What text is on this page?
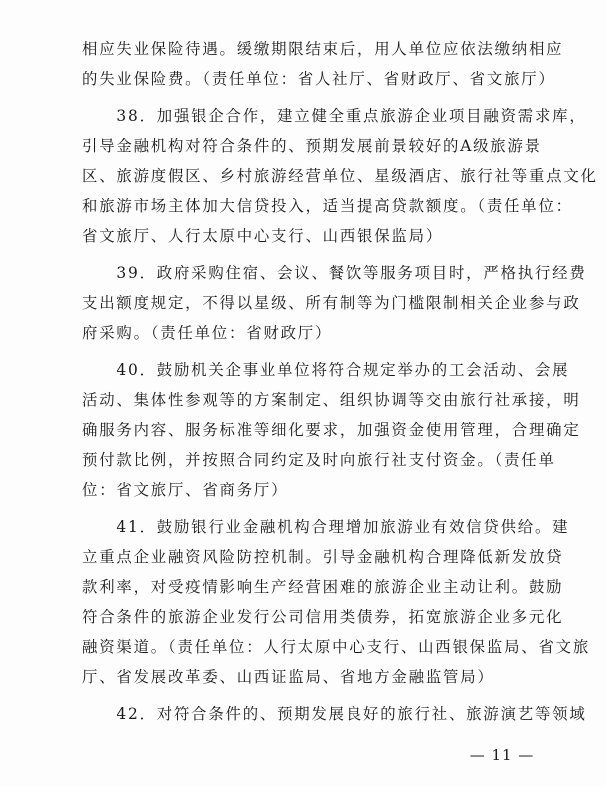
相应失业保险待遇。缓缴期限结束后，用人单位应依法缴纳相应
的失业保险费。（责任单位：省人社厅、省财政厅、省文旅厅）
　　38．加强银企合作，建立健全重点旅游企业项目融资需求库，
引导金融机构对符合条件的、预期发展前景较好的A级旅游景
区、旅游度假区、乡村旅游经营单位、星级酒店、旅行社等重点文化
和旅游市场主体加大信贷投入，适当提高贷款额度。（责任单位：
省文旅厅、人行太原中心支行、山西银保监局）
　　39．政府采购住宿、会议、餐饮等服务项目时，严格执行经费
支出额度规定，不得以星级、所有制等为门槛限制相关企业参与政
府采购。（责任单位：省财政厅）
　　40．鼓励机关企事业单位将符合规定举办的工会活动、会展
活动、集体性参观等的方案制定、组织协调等交由旅行社承接，明
确服务内容、服务标准等细化要求，加强资金使用管理，合理确定
预付款比例，并按照合同约定及时向旅行社支付资金。（责任单
位：省文旅厅、省商务厅）
　　41．鼓励银行业金融机构合理增加旅游业有效信贷供给。建
立重点企业融资风险防控机制。引导金融机构合理降低新发放贷
款利率，对受疫情影响生产经营困难的旅游企业主动让利。鼓励
符合条件的旅游企业发行公司信用类债券，拓宽旅游企业多元化
融资渠道。（责任单位：人行太原中心支行、山西银保监局、省文旅
厅、省发展改革委、山西证监局、省地方金融监管局）
　　42．对符合条件的、预期发展良好的旅行社、旅游演艺等领域
— 11 —
